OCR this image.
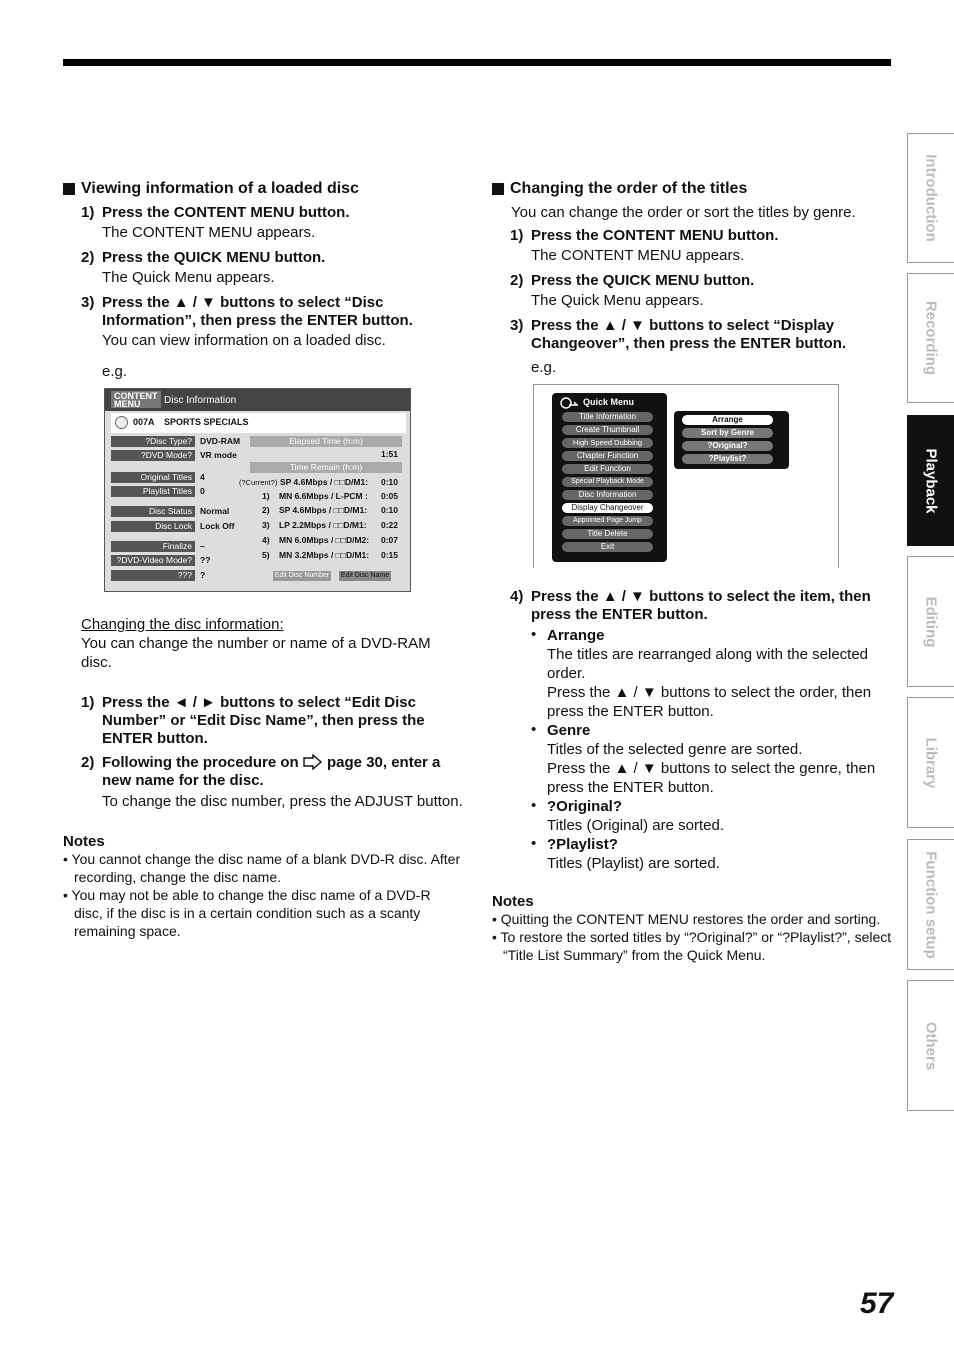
Viewing information of a loaded disc
1) Press the CONTENT MENU button.
The CONTENT MENU appears.
2) Press the QUICK MENU button.
The Quick Menu appears.
3) Press the ▲ / ▼ buttons to select “Disc Information”, then press the ENTER button.
You can view information on a loaded disc.
e.g.
CONTENT MENU	Disc Information
007A SPORTS SPECIALS
?Disc Type? DVD-RAM
?DVD Mode? VR mode
Original Titles 4
Playlist Titles 0
Disc Status Normal
Disc Lock Lock Off
Finalize –
?DVD-Video Mode? ??
??? ?
Elapsed Time (h:m)
1:51
Time Remain (h:m)
(?Current?) SP 4.6Mbps / □□D/M1: 0:10
1) MN 6.6Mbps / L-PCM : 0:05
2) SP 4.6Mbps / □□D/M1: 0:10
3) LP 2.2Mbps / □□D/M1: 0:22
4) MN 6.0Mbps / □□D/M2: 0:07
5) MN 3.2Mbps / □□D/M1: 0:15
Edit Disc Number Edit Disc Name
Changing the disc information:
You can change the number or name of a DVD-RAM disc.
1) Press the ◄ / ► buttons to select “Edit Disc Number” or “Edit Disc Name”, then press the ENTER button.
2) Following the procedure on page 30, enter a new name for the disc.
To change the disc number, press the ADJUST button.
Notes
• You cannot change the disc name of a blank DVD-R disc. After recording, change the disc name.
• You may not be able to change the disc name of a DVD-R disc, if the disc is in a certain condition such as a scanty remaining space.
Changing the order of the titles
You can change the order or sort the titles by genre.
1) Press the CONTENT MENU button.
The CONTENT MENU appears.
2) Press the QUICK MENU button.
The Quick Menu appears.
3) Press the ▲ / ▼ buttons to select “Display Changeover”, then press the ENTER button.
e.g.
Quick Menu
Title Information
Create Thumbnail
High Speed Dubbing
Chapter Function
Edit Function
Special Playback Mode
Disc Information
Display Changeover
Appointed Page Jump
Title Delete
Exit
Arrange
Sort by Genre
?Original?
?Playlist?
4) Press the ▲ / ▼ buttons to select the item, then press the ENTER button.
• Arrange
The titles are rearranged along with the selected order.
Press the ▲ / ▼ buttons to select the order, then press the ENTER button.
• Genre
Titles of the selected genre are sorted.
Press the ▲ / ▼ buttons to select the genre, then press the ENTER button.
• ?Original?
Titles (Original) are sorted.
• ?Playlist?
Titles (Playlist) are sorted.
Notes
• Quitting the CONTENT MENU restores the order and sorting.
• To restore the sorted titles by “?Original?” or “?Playlist?”, select “Title List Summary” from the Quick Menu.
Introduction
Recording
Playback
Editing
Library
Function setup
Others
57
